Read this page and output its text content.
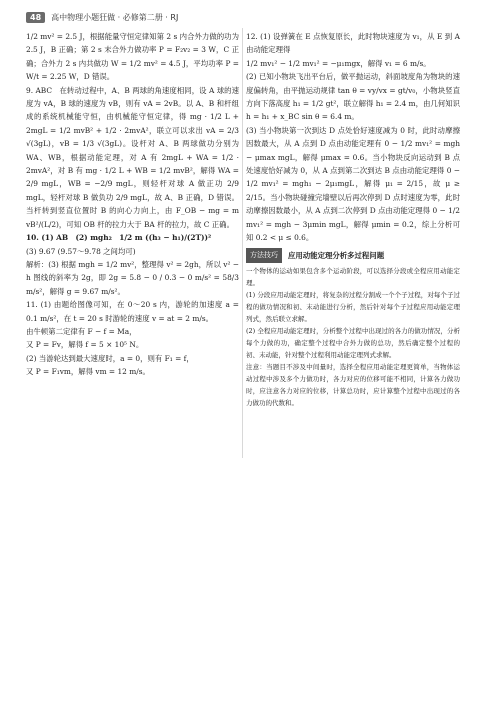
48	高中物理小题狂做 · 必修第二册 · RJ

1/2 mv² = 2.5 J，根据能量守恒定律知第 2 s 内合外力做的功为 2.5 J，B 正确；第 2 s 末合外力做功率 P = F₂v₂ = 3 W，C 正确；合外力 2 s 内共做功 W = 1/2 mv² = 4.5 J，平均功率 P = W/t = 2.25 W，D 错误。

9. ABC　在转动过程中，A、B 两球的角速度相同，设 A 球的速度为 vA，B 球的速度为 vB，则有 vA = 2vB。以 A、B 和杆组成的系统机械能守恒，由机械能守恒定律，得 mg · 1/2 L + 2mgL = 1/2 mvB² + 1/2 · 2mvA²，联立可以求出 vA = 2/3 √(3gL)，vB = 1/3 √(3gL)。设杆对 A、B 两球做功分别为 WA、WB，根据动能定理，对 A 有 2mgL + WA = 1/2 · 2mvA²，对 B 有 mg · 1/2 L + WB = 1/2 mvB²，解得 WA = 2/9 mgL，WB = −2/9 mgL，则轻杆对球 A 做正功 2/9 mgL，轻杆对球 B 做负功 2/9 mgL，故 A、B 正确，D 错误。当杆转到竖直位置时 B 的向心力向上，由 F_OB − mg = m vB²/(L/2)，可知 OB 杆的拉力大于 BA 杆的拉力，故 C 正确。

10. (1) AB　(2) mgh₂　1/2 m ((h₃ − h₁)/(2T))²

(3) 9.67 (9.57～9.78 之间均可)

解析：(3) 根据 mgh = 1/2 mv²，整理得 v² = 2gh，所以 v² − h 图线的斜率为 2g，即 2g = 5.8 − 0 / 0.3 − 0 m/s² = 58/3 m/s²，解得 g = 9.67 m/s²。

11. (1) 由题给图像可知，在 0～20 s 内，游轮的加速度 a = 0.1 m/s²，在 t = 20 s 时游轮的速度 v = at = 2 m/s。

由牛顿第二定律有 F − f = Ma，

又 P = Fv，解得 f = 5 × 10⁵ N。

(2) 当游轮达到最大速度时，a = 0，则有 F₁ = f，

又 P = F₁vm，解得 vm = 12 m/s。

12. (1) 设弹簧在 E 点恢复原长，此时物块速度为 v₁，从 E 到 A 由动能定理得

1/2 mv₁² − 1/2 mv₁² = −μ₁mgx，解得 v₁ = 6 m/s。

(2) 已知小物块飞出平台后，做平抛运动，斜面坡度角为物块的速度偏转角，由平抛运动规律 tan θ = vy/vx = gt/v₀，小物块竖直方向下落高度 h₁ = 1/2 gt²，联立解得 h₁ = 2.4 m，由几何知识 h = h₁ + x_BC sin θ = 6.4 m。

(3) 当小物块第一次到达 D 点处恰好速度减为 0 时，此时动摩擦因数最大，从 A 点到 D 点由动能定理有 0 − 1/2 mv₁² = mgh − μmax mgL，解得 μmax = 0.6。当小物块反向运动到 B 点处速度恰好减为 0，从 A 点到第二次到达 B 点由动能定理得 0 − 1/2 mv₁² = mgh₁ − 2μ₁mgL，解得 μ₁ = 2/15，故 μ ≥ 2/15。当小物块碰撞完墙壁以后再次停到 D 点时速度为零，此时动摩擦因数最小，从 A 点到二次停到 D 点由动能定理得 0 − 1/2 mv₁² = mgh − 3μmin mgL，解得 μmin = 0.2，综上分析可知 0.2 < μ ≤ 0.6。

方法技巧	应用动能定理分析多过程问题

一个物体的运动如果包含多个运动阶段，可以选择分段或全程应用动能定理。

(1) 分段应用动能定理时，将复杂的过程分割成一个个子过程，对每个子过程的做功情况和初、末动能进行分析，然后针对每个子过程应用动能定理列式，然后联立求解。

(2) 全程应用动能定理时，分析整个过程中出现过的各力的做功情况，分析每个力做的功，确定整个过程中合外力做的总功，然后确定整个过程的初、末动能，针对整个过程利用动能定理列式求解。

注意：当题目不涉及中间量时，选择全程应用动能定理更简单，当物体运动过程中涉及多个力做功时，各力对应的位移可能不相同，计算各力做功时，应注意各力对应的位移，计算总功时，应计算整个过程中出现过的各力做功的代数和。
